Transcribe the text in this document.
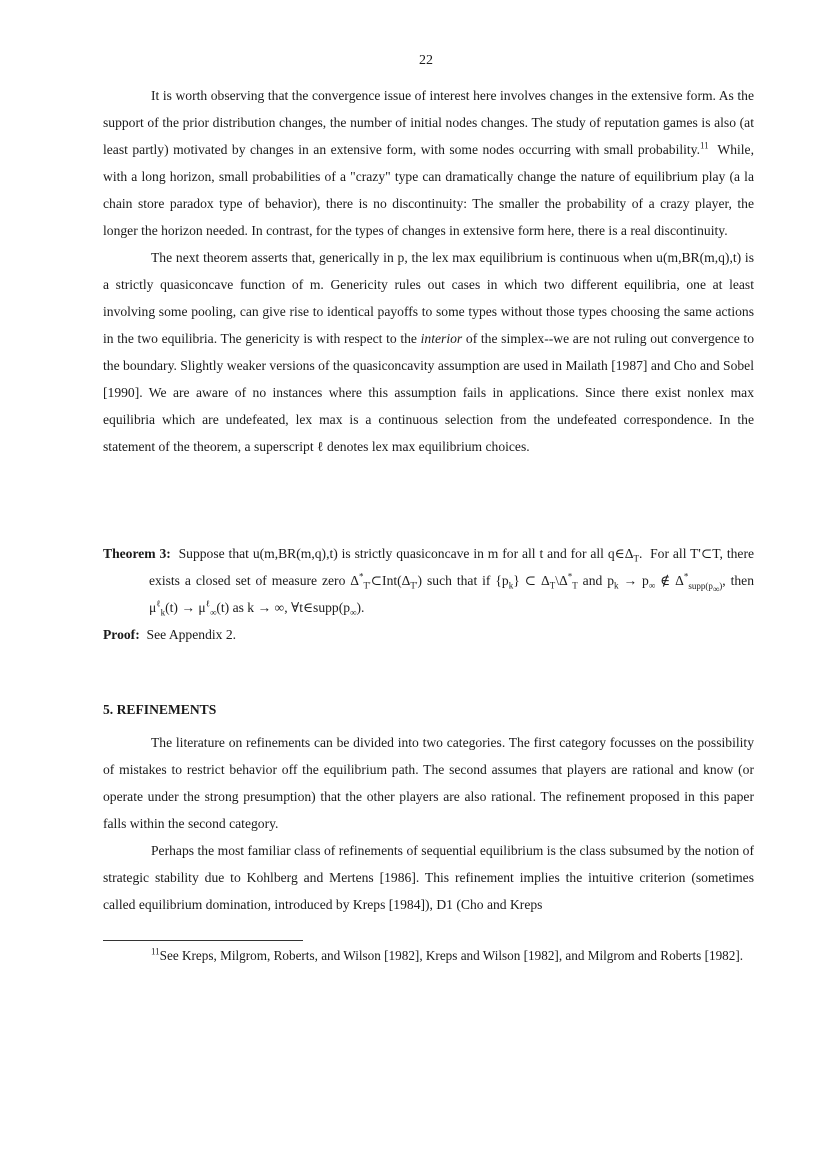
22

It is worth observing that the convergence issue of interest here involves changes in the extensive form. As the support of the prior distribution changes, the number of initial nodes changes. The study of reputation games is also (at least partly) motivated by changes in an extensive form, with some nodes occurring with small probability.$^{11}$ While, with a long horizon, small probabilities of a "crazy" type can dramatically change the nature of equilibrium play (a la chain store paradox type of behavior), there is no discontinuity: The smaller the probability of a crazy player, the longer the horizon needed. In contrast, for the types of changes in extensive form here, there is a real discontinuity.

The next theorem asserts that, generically in p, the lex max equilibrium is continuous when u(m,BR(m,q),t) is a strictly quasiconcave function of m. Genericity rules out cases in which two different equilibria, one at least involving some pooling, can give rise to identical payoffs to some types without those types choosing the same actions in the two equilibria. The genericity is with respect to the interior of the simplex--we are not ruling out convergence to the boundary. Slightly weaker versions of the quasiconcavity assumption are used in Mailath [1987] and Cho and Sobel [1990]. We are aware of no instances where this assumption fails in applications. Since there exist nonlex max equilibria which are undefeated, lex max is a continuous selection from the undefeated correspondence. In the statement of the theorem, a superscript ℓ denotes lex max equilibrium choices.

Theorem 3: Suppose that u(m,BR(m,q),t) is strictly quasiconcave in m for all t and for all $q\in\Delta_T$.  For all T'⊂T, there exists a closed set of measure zero $\Delta^*_{T'}\subset Int(\Delta_{T'})$ such that if $\{p_k\}$ ⊂ $\Delta_T\backslash\Delta^*_T$ and $p_k \to p_\infty$ ∉ $\Delta^*_{supp(p_\infty)}$, then $\mu^\ell_k(t) \to \mu^\ell_\infty(t)$ as k → ∞, $\forall t\in supp(p_\infty)$.

Proof: See Appendix 2.

5. REFINEMENTS

The literature on refinements can be divided into two categories. The first category focusses on the possibility of mistakes to restrict behavior off the equilibrium path. The second assumes that players are rational and know (or operate under the strong presumption) that the other players are also rational. The refinement proposed in this paper falls within the second category.

Perhaps the most familiar class of refinements of sequential equilibrium is the class subsumed by the notion of strategic stability due to Kohlberg and Mertens [1986]. This refinement implies the intuitive criterion (sometimes called equilibrium domination, introduced by Kreps [1984]), D1 (Cho and Kreps

$^{11}$See Kreps, Milgrom, Roberts, and Wilson [1982], Kreps and Wilson [1982], and Milgrom and Roberts [1982].
